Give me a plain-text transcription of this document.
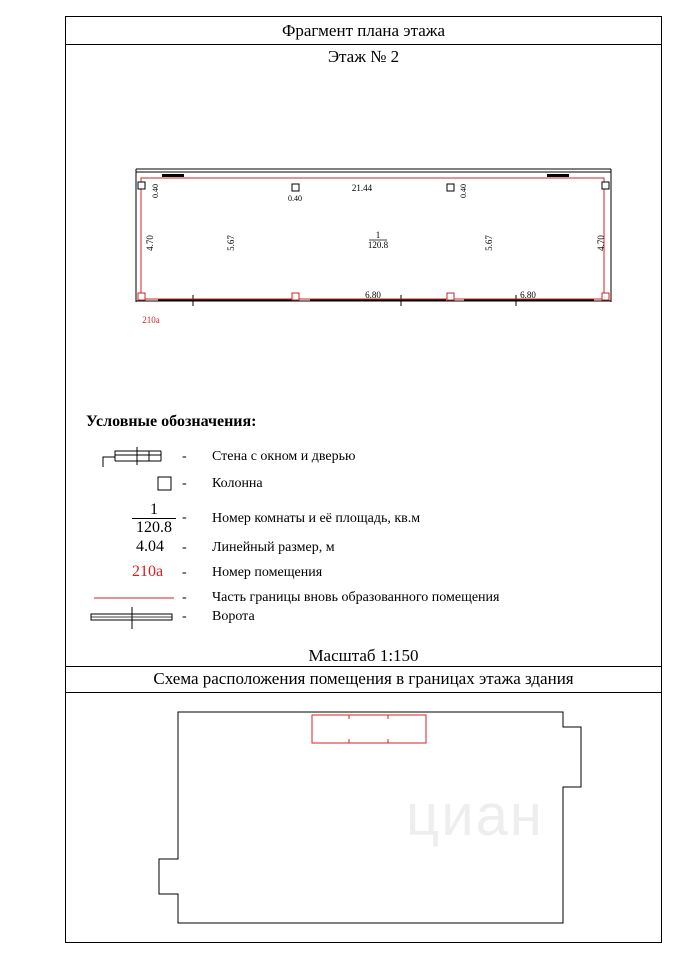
Фрагмент плана этажа
Этаж № 2
21.44
0.40
0.40
0.40
4.70	4.70
5.67	5.67
1
120.8
6.80	6.80
210а
Условные обозначения:
- Стена с окном и дверью
- Колонна
$\frac{1}{120.8}$ - Номер комнаты и её площадь, кв.м
4.04 - Линейный размер, м
210а - Номер помещения
- Часть границы вновь образованного помещения
- Ворота
Масштаб 1:150
Схема расположения помещения в границах этажа здания
циан
